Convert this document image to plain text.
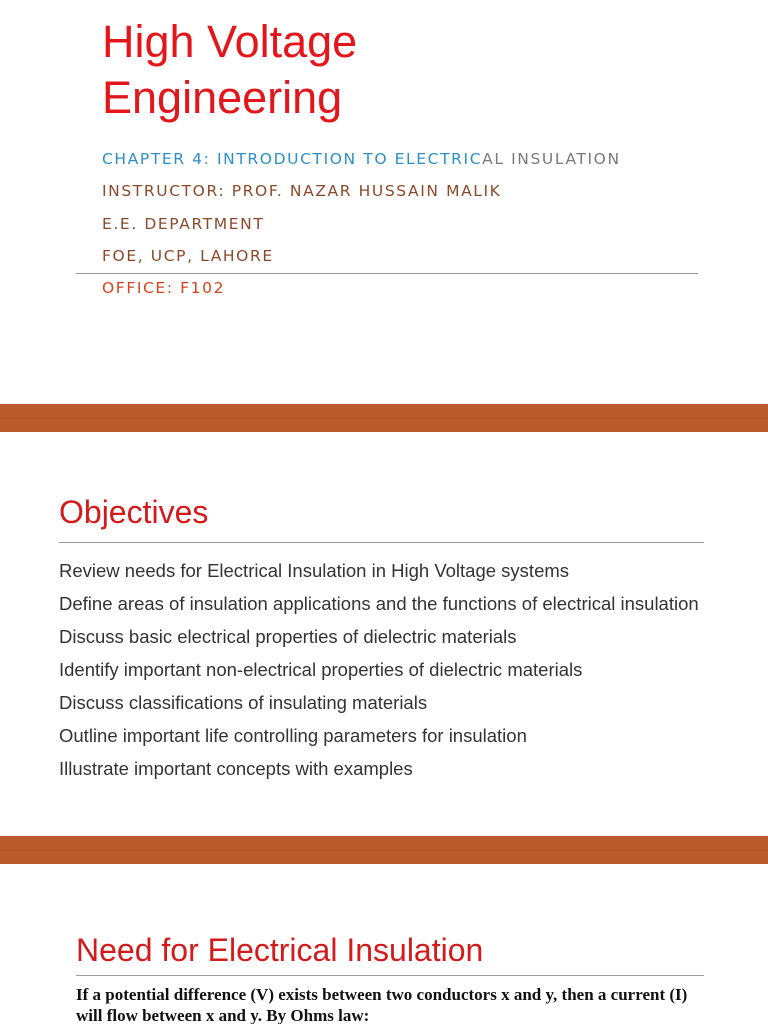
High Voltage
Engineering
CHAPTER 4: INTRODUCTION TO ELECTRICAL INSULATION
INSTRUCTOR: PROF. NAZAR HUSSAIN MALIK
E.E. DEPARTMENT
FOE, UCP, LAHORE
OFFICE: F102
Objectives
Review needs for Electrical Insulation in High Voltage systems
Define areas of insulation applications and the functions of electrical insulation
Discuss basic electrical properties of dielectric materials
Identify important non-electrical properties of dielectric materials
Discuss classifications of insulating materials
Outline important life controlling parameters for insulation
Illustrate important concepts with examples
Need for Electrical Insulation
If a potential difference (V) exists between two conductors x and y, then a current (I) will flow between x and y. By Ohms law:
